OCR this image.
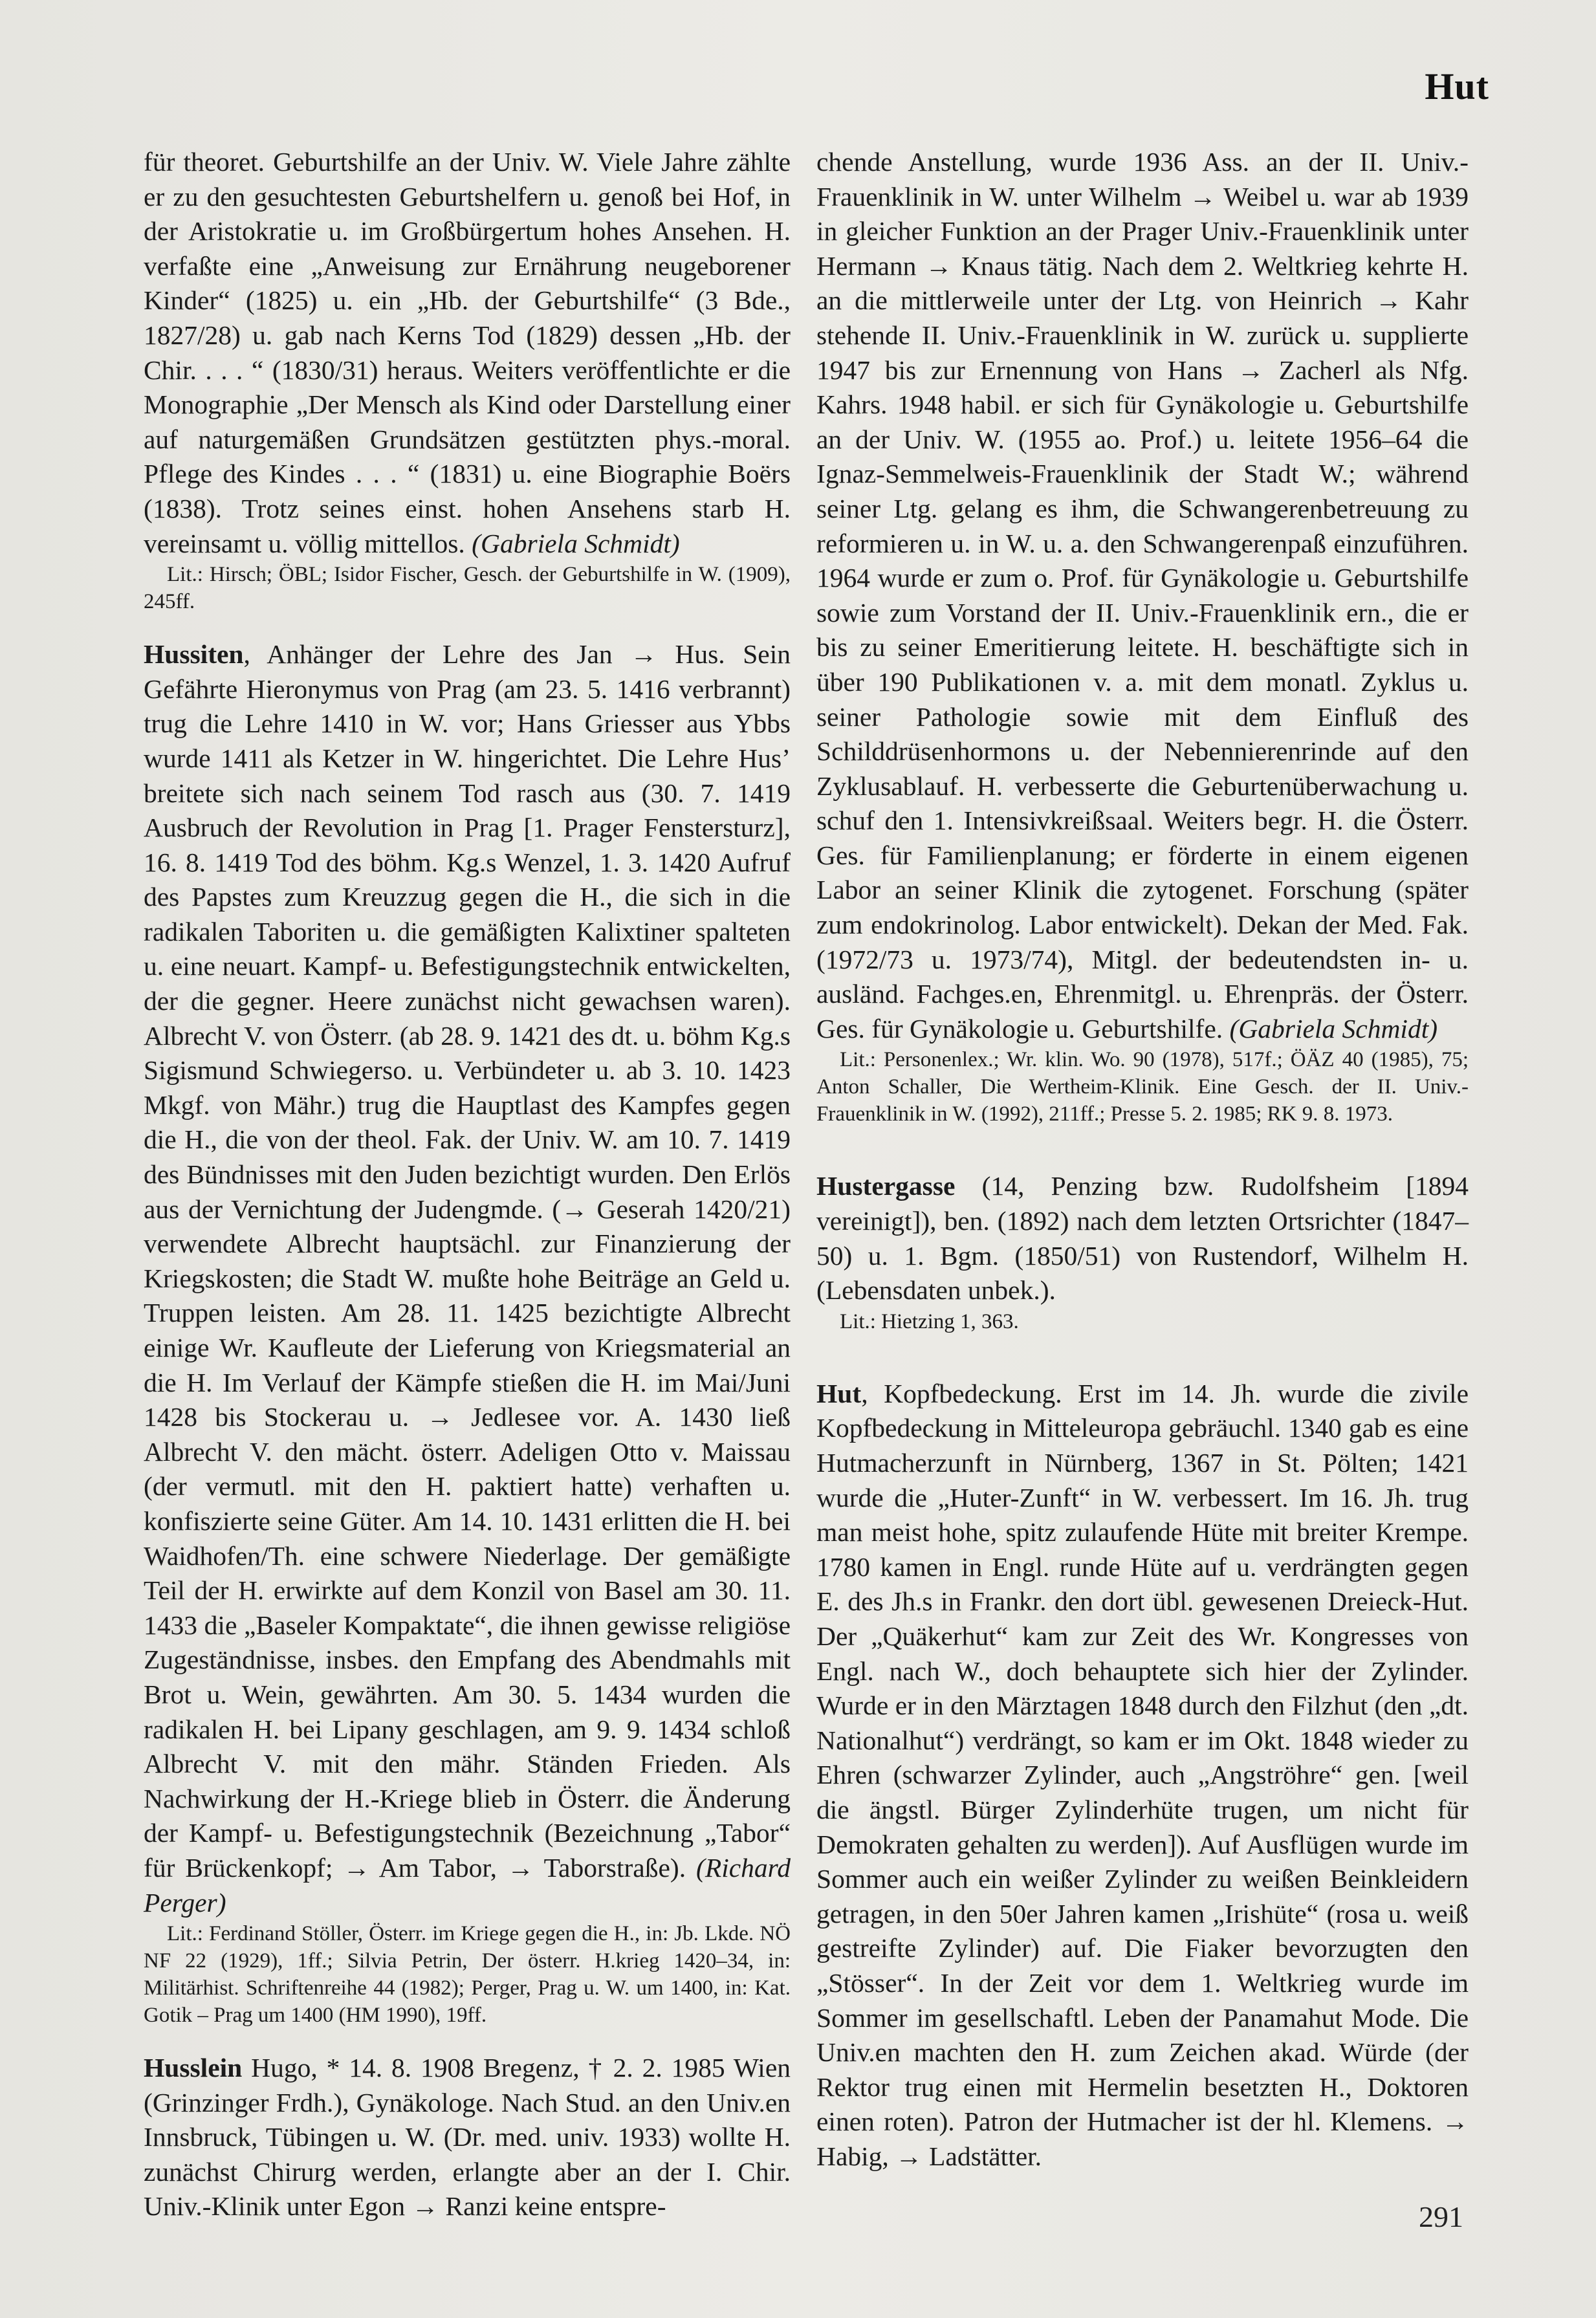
Hut

für theoret. Geburtshilfe an der Univ. W. Viele Jahre zählte er zu den gesuchtesten Geburtshelfern u. genoß bei Hof, in der Aristokratie u. im Großbürgertum hohes Ansehen. H. verfaßte eine „Anweisung zur Ernährung neugeborener Kinder“ (1825) u. ein „Hb. der Geburtshilfe“ (3 Bde., 1827/28) u. gab nach Kerns Tod (1829) dessen „Hb. der Chir. . . . “ (1830/31) heraus. Weiters veröffentlichte er die Monographie „Der Mensch als Kind oder Darstellung einer auf naturgemäßen Grundsätzen gestützten phys.-moral. Pflege des Kindes . . . “ (1831) u. eine Biographie Boërs (1838). Trotz seines einst. hohen Ansehens starb H. vereinsamt u. völlig mittellos. (Gabriela Schmidt)

Lit.: Hirsch; ÖBL; Isidor Fischer, Gesch. der Geburtshilfe in W. (1909), 245ff.

Hussiten, Anhänger der Lehre des Jan → Hus. Sein Gefährte Hieronymus von Prag (am 23. 5. 1416 verbrannt) trug die Lehre 1410 in W. vor; Hans Griesser aus Ybbs wurde 1411 als Ketzer in W. hingerichtet. Die Lehre Hus’ breitete sich nach seinem Tod rasch aus (30. 7. 1419 Ausbruch der Revolution in Prag [1. Prager Fenstersturz], 16. 8. 1419 Tod des böhm. Kg.s Wenzel, 1. 3. 1420 Aufruf des Papstes zum Kreuzzug gegen die H., die sich in die radikalen Taboriten u. die gemäßigten Kalixtiner spalteten u. eine neuart. Kampf- u. Befestigungstechnik entwickelten, der die gegner. Heere zunächst nicht gewachsen waren). Albrecht V. von Österr. (ab 28. 9. 1421 des dt. u. böhm Kg.s Sigismund Schwiegerso. u. Verbündeter u. ab 3. 10. 1423 Mkgf. von Mähr.) trug die Hauptlast des Kampfes gegen die H., die von der theol. Fak. der Univ. W. am 10. 7. 1419 des Bündnisses mit den Juden bezichtigt wurden. Den Erlös aus der Vernichtung der Judengmde. (→ Geserah 1420/21) verwendete Albrecht hauptsächl. zur Finanzierung der Kriegskosten; die Stadt W. mußte hohe Beiträge an Geld u. Truppen leisten. Am 28. 11. 1425 bezichtigte Albrecht einige Wr. Kaufleute der Lieferung von Kriegsmaterial an die H. Im Verlauf der Kämpfe stießen die H. im Mai/Juni 1428 bis Stockerau u. → Jedlesee vor. A. 1430 ließ Albrecht V. den mächt. österr. Adeligen Otto v. Maissau (der vermutl. mit den H. paktiert hatte) verhaften u. konfiszierte seine Güter. Am 14. 10. 1431 erlitten die H. bei Waidhofen/Th. eine schwere Niederlage. Der gemäßigte Teil der H. erwirkte auf dem Konzil von Basel am 30. 11. 1433 die „Baseler Kompaktate“, die ihnen gewisse religiöse Zugeständnisse, insbes. den Empfang des Abendmahls mit Brot u. Wein, gewährten. Am 30. 5. 1434 wurden die radikalen H. bei Lipany geschlagen, am 9. 9. 1434 schloß Albrecht V. mit den mähr. Ständen Frieden. Als Nachwirkung der H.-Kriege blieb in Österr. die Änderung der Kampf- u. Befestigungstechnik (Bezeichnung „Tabor“ für Brückenkopf; → Am Tabor, → Taborstraße). (Richard Perger)

Lit.: Ferdinand Stöller, Österr. im Kriege gegen die H., in: Jb. Lkde. NÖ NF 22 (1929), 1ff.; Silvia Petrin, Der österr. H.krieg 1420–34, in: Militärhist. Schriftenreihe 44 (1982); Perger, Prag u. W. um 1400, in: Kat. Gotik – Prag um 1400 (HM 1990), 19ff.

Husslein Hugo, * 14. 8. 1908 Bregenz, † 2. 2. 1985 Wien (Grinzinger Frdh.), Gynäkologe. Nach Stud. an den Univ.en Innsbruck, Tübingen u. W. (Dr. med. univ. 1933) wollte H. zunächst Chirurg werden, erlangte aber an der I. Chir. Univ.-Klinik unter Egon → Ranzi keine entspre-

chende Anstellung, wurde 1936 Ass. an der II. Univ.-Frauenklinik in W. unter Wilhelm → Weibel u. war ab 1939 in gleicher Funktion an der Prager Univ.-Frauenklinik unter Hermann → Knaus tätig. Nach dem 2. Weltkrieg kehrte H. an die mittlerweile unter der Ltg. von Heinrich → Kahr stehende II. Univ.-Frauenklinik in W. zurück u. supplierte 1947 bis zur Ernennung von Hans → Zacherl als Nfg. Kahrs. 1948 habil. er sich für Gynäkologie u. Geburtshilfe an der Univ. W. (1955 ao. Prof.) u. leitete 1956–64 die Ignaz-Semmelweis-Frauenklinik der Stadt W.; während seiner Ltg. gelang es ihm, die Schwangerenbetreuung zu reformieren u. in W. u. a. den Schwangerenpaß einzuführen. 1964 wurde er zum o. Prof. für Gynäkologie u. Geburtshilfe sowie zum Vorstand der II. Univ.-Frauenklinik ern., die er bis zu seiner Emeritierung leitete. H. beschäftigte sich in über 190 Publikationen v. a. mit dem monatl. Zyklus u. seiner Pathologie sowie mit dem Einfluß des Schilddrüsenhormons u. der Nebennierenrinde auf den Zyklusablauf. H. verbesserte die Geburtenüberwachung u. schuf den 1. Intensivkreißsaal. Weiters begr. H. die Österr. Ges. für Familienplanung; er förderte in einem eigenen Labor an seiner Klinik die zytogenet. Forschung (später zum endokrinolog. Labor entwickelt). Dekan der Med. Fak. (1972/73 u. 1973/74), Mitgl. der bedeutendsten in- u. ausländ. Fachges.en, Ehrenmitgl. u. Ehrenpräs. der Österr. Ges. für Gynäkologie u. Geburtshilfe. (Gabriela Schmidt)

Lit.: Personenlex.; Wr. klin. Wo. 90 (1978), 517f.; ÖÄZ 40 (1985), 75; Anton Schaller, Die Wertheim-Klinik. Eine Gesch. der II. Univ.-Frauenklinik in W. (1992), 211ff.; Presse 5. 2. 1985; RK 9. 8. 1973.

Hustergasse (14, Penzing bzw. Rudolfsheim [1894 vereinigt]), ben. (1892) nach dem letzten Ortsrichter (1847–50) u. 1. Bgm. (1850/51) von Rustendorf, Wilhelm H. (Lebensdaten unbek.).

Lit.: Hietzing 1, 363.

Hut, Kopfbedeckung. Erst im 14. Jh. wurde die zivile Kopfbedeckung in Mitteleuropa gebräuchl. 1340 gab es eine Hutmacherzunft in Nürnberg, 1367 in St. Pölten; 1421 wurde die „Huter-Zunft“ in W. verbessert. Im 16. Jh. trug man meist hohe, spitz zulaufende Hüte mit breiter Krempe. 1780 kamen in Engl. runde Hüte auf u. verdrängten gegen E. des Jh.s in Frankr. den dort übl. gewesenen Dreieck-Hut. Der „Quäkerhut“ kam zur Zeit des Wr. Kongresses von Engl. nach W., doch behauptete sich hier der Zylinder. Wurde er in den Märztagen 1848 durch den Filzhut (den „dt. Nationalhut“) verdrängt, so kam er im Okt. 1848 wieder zu Ehren (schwarzer Zylinder, auch „Angströhre“ gen. [weil die ängstl. Bürger Zylinderhüte trugen, um nicht für Demokraten gehalten zu werden]). Auf Ausflügen wurde im Sommer auch ein weißer Zylinder zu weißen Beinkleidern getragen, in den 50er Jahren kamen „Irishüte“ (rosa u. weiß gestreifte Zylinder) auf. Die Fiaker bevorzugten den „Stösser“. In der Zeit vor dem 1. Weltkrieg wurde im Sommer im gesellschaftl. Leben der Panamahut Mode. Die Univ.en machten den H. zum Zeichen akad. Würde (der Rektor trug einen mit Hermelin besetzten H., Doktoren einen roten). Patron der Hutmacher ist der hl. Klemens. → Habig, → Ladstätter.

291
